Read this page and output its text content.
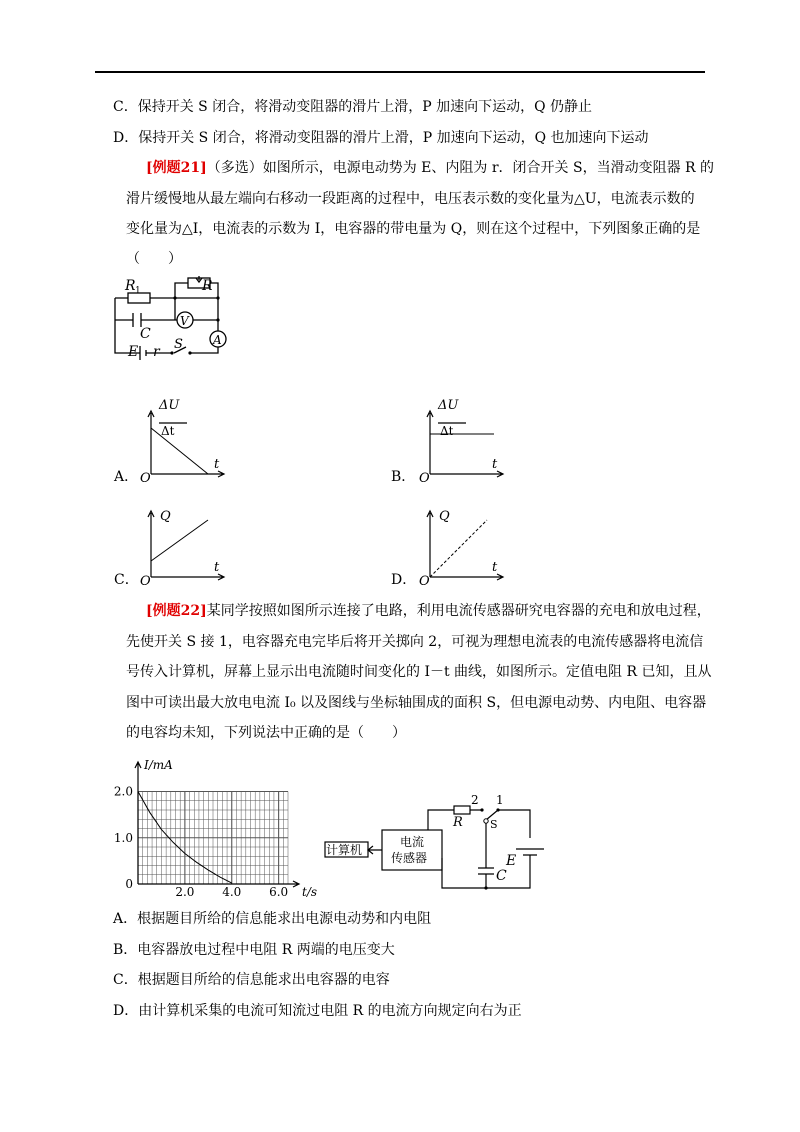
C．保持开关 S 闭合，将滑动变阻器的滑片上滑，P 加速向下运动，Q 仍静止
D．保持开关 S 闭合，将滑动变阻器的滑片上滑，P 加速向下运动，Q 也加速向下运动
[例题21]（多选）如图所示，电源电动势为 E、内阻为 r．闭合开关 S，当滑动变阻器 R 的
滑片缓慢地从最左端向右移动一段距离的过程中，电压表示数的变化量为△U，电流表示数的
变化量为△I，电流表的示数为 I，电容器的带电量为 Q，则在这个过程中，下列图象正确的是
（　　）
R 1	R
C
V
A
E r S
A．
ΔU
Δt
t
O	B．
ΔU
Δt
t
O
C．
Q
t
O	D．
Q
t
O
[例题22]某同学按照如图所示连接了电路，利用电流传感器研究电容器的充电和放电过程，
先使开关 S 接 1，电容器充电完毕后将开关掷向 2，可视为理想电流表的电流传感器将电流信
号传入计算机，屏幕上显示出电流随时间变化的 I－t 曲线，如图所示。定值电阻 R 已知，且从
图中可读出最大放电电流 I₀ 以及图线与坐标轴围成的面积 S，但电源电动势、内电阻、电容器
的电容均未知，下列说法中正确的是（　　）
0
1.0
2.0
2.0 4.0 6.0
I/mA
t/s
计算机
电流
传感器
R
2 1
S
E
C
A．根据题目所给的信息能求出电源电动势和内电阻
B．电容器放电过程中电阻 R 两端的电压变大
C．根据题目所给的信息能求出电容器的电容
D．由计算机采集的电流可知流过电阻 R 的电流方向规定向右为正
